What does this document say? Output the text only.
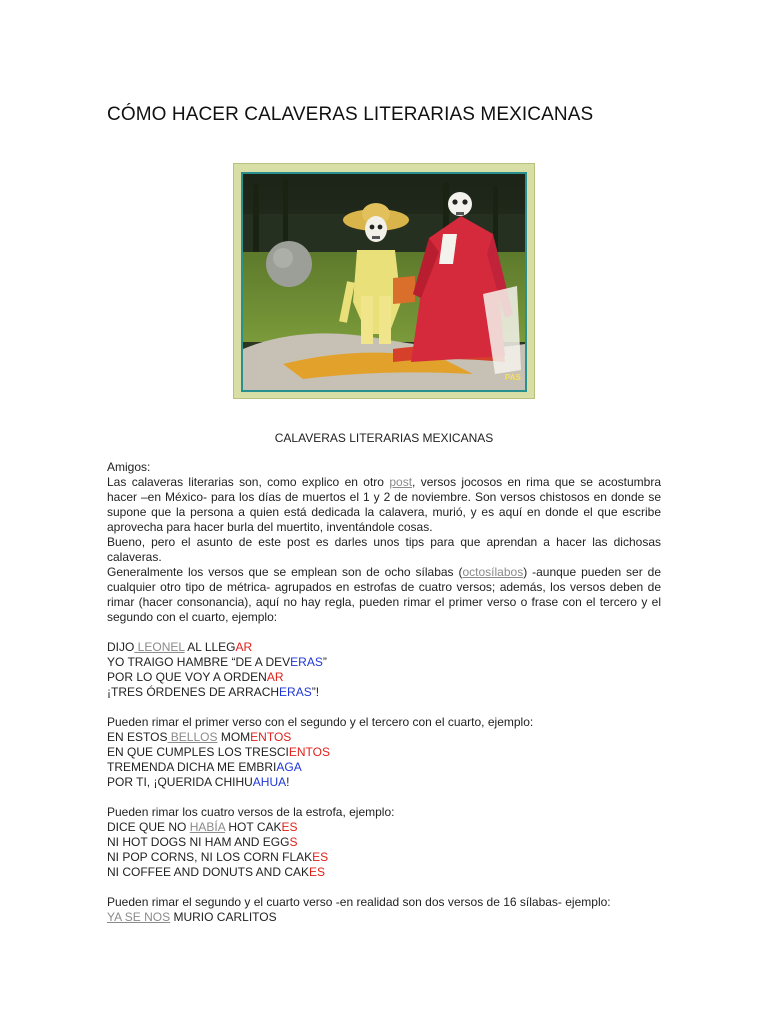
CÓMO HACER CALAVERAS LITERARIAS MEXICANAS
PAS
CALAVERAS LITERARIAS MEXICANAS

Amigos:

Las calaveras literarias son, como explico en otro post, versos jocosos en rima que se acostumbra hacer –en México- para los días de muertos el 1 y 2 de noviembre. Son versos chistosos en donde se supone que la persona a quien está dedicada la calavera, murió, y es aquí en donde el que escribe aprovecha para hacer burla del muertito, inventándole cosas.

Bueno, pero el asunto de este post es darles unos tips para que aprendan a hacer las dichosas calaveras.

Generalmente los versos que se emplean son de ocho sílabas (octosílabos) -aunque pueden ser de cualquier otro tipo de métrica- agrupados en estrofas de cuatro versos; además, los versos deben de rimar (hacer consonancia), aquí no hay regla, pueden rimar el primer verso o frase con el tercero y el segundo con el cuarto, ejemplo:

DIJO LEONEL AL LLEGAR

YO TRAIGO HAMBRE “DE A DEVERAS”

POR LO QUE VOY A ORDENAR

¡TRES ÓRDENES DE ARRACHERAS”!

Pueden rimar el primer verso con el segundo y el tercero con el cuarto, ejemplo:

EN ESTOS BELLOS MOMENTOS

EN QUE CUMPLES LOS TRESCIENTOS

TREMENDA DICHA ME EMBRIAGA

POR TI, ¡QUERIDA CHIHUAHUA!

Pueden rimar los cuatro versos de la estrofa, ejemplo:

DICE QUE NO HABÍA HOT CAKES

NI HOT DOGS NI HAM AND EGGS

NI POP CORNS, NI LOS CORN FLAKES

NI COFFEE AND DONUTS AND CAKES

Pueden rimar el segundo y el cuarto verso -en realidad son dos versos de 16 sílabas- ejemplo:

YA SE NOS MURIO CARLITOS
